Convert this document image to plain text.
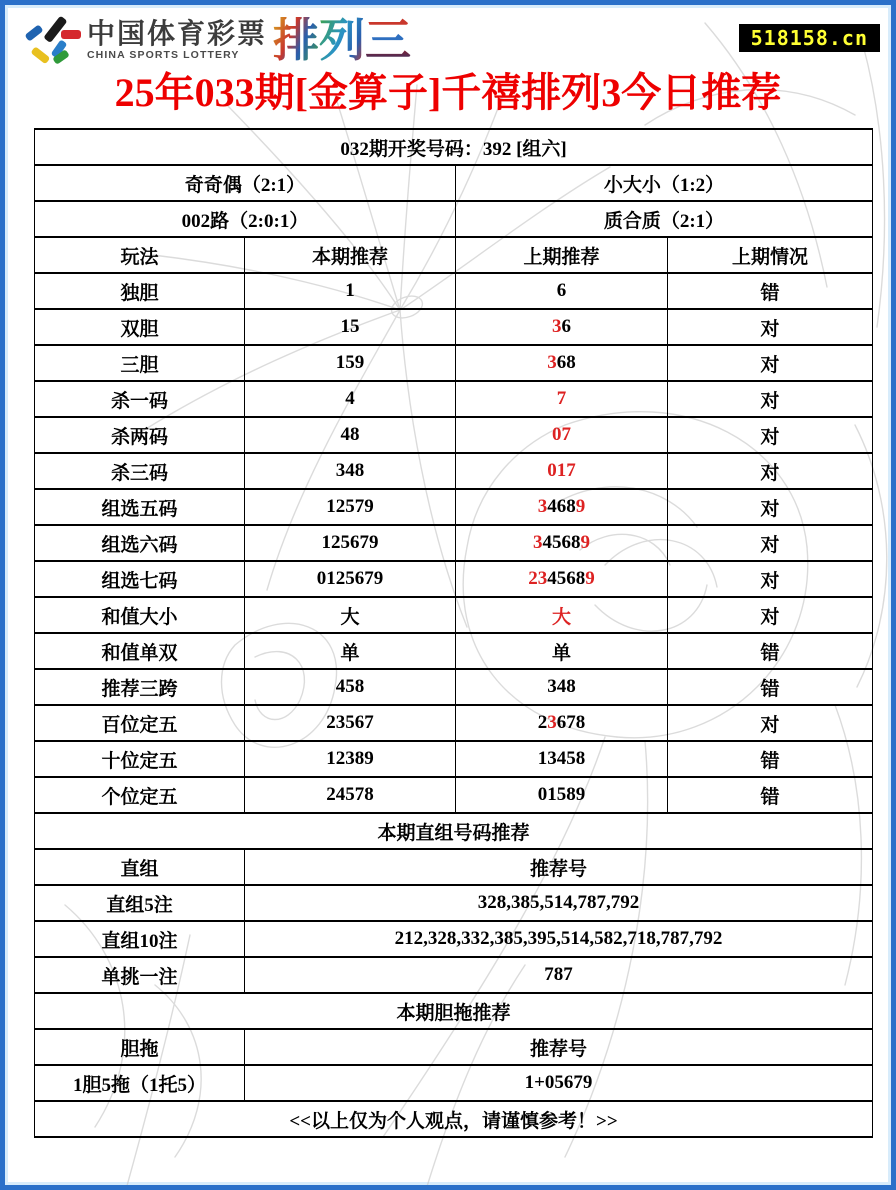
中国体育彩票
CHINA SPORTS LOTTERY 排 列 三	518158.cn
25年033期[金算子]千禧排列3今日推荐
032期开奖号码：392 [组六]			
奇奇偶（2:1）		小大小（1:2）	
002路（2:0:1）		质合质（2:1）	
玩法	本期推荐	上期推荐	上期情况
独胆	1	6	错
双胆	15	36	对
三胆	159	368	对
杀一码	4	7	对
杀两码	48	07	对
杀三码	348	017	对
组选五码	12579	34689	对
组选六码	125679	345689	对
组选七码	0125679	2345689	对
和值大小	大	大	对
和值单双	单	单	错
推荐三跨	458	348	错
百位定五	23567	23678	对
十位定五	12389	13458	错
个位定五	24578	01589	错
本期直组号码推荐			
直组	推荐号		
直组5注	328,385,514,787,792		
直组10注	212,328,332,385,395,514,582,718,787,792		
单挑一注	787		
本期胆拖推荐			
胆拖	推荐号		
1胆5拖（1托5）	1+05679		
<<以上仅为个人观点，请谨慎参考！>>			
